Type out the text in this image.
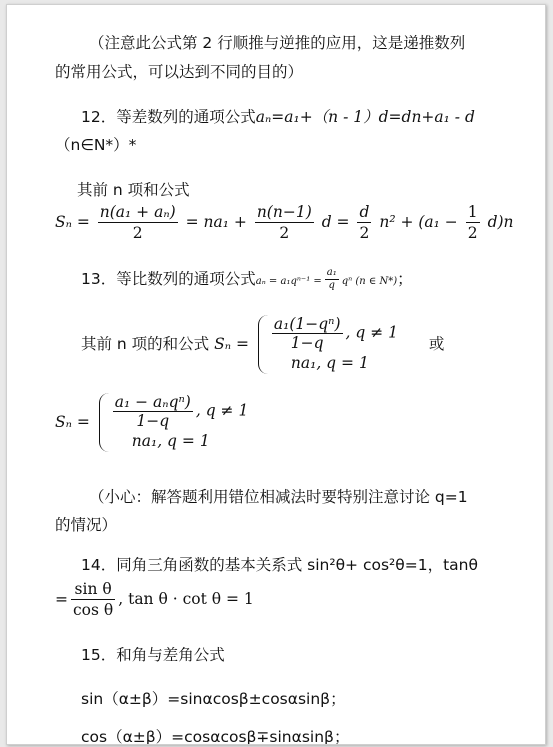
（注意此公式第 2 行顺推与逆推的应用，这是递推数列
的常用公式，可以达到不同的目的）
12．等差数列的通项公式aₙ=a₁+（n - 1）d=dn+a₁ - d
（n∈N*）*
其前 n 项和公式
$S_n = \frac{\text{n(a₁ + aₙ)}}{2} = na_1 + \frac{n(n-1)}{2}$ $d = \frac{d}{2} n^2 + (a_1 - \frac{1}{2} d)n$
13．等比数列的通项公式$a_n = a_1q^{n-1} = \frac{\text{a₁}}{q}$ qⁿ (n ∈ N*)；
其前 n 项的和公式 $S_n = \frac{\text{a₁(1−qⁿ)}}{1-q}$ , q ≠ 1
na₁, q = 1
或
$S_n = \frac{\text{a₁ − aₙqⁿ)}}{1-q}$ , q ≠ 1
na₁, q = 1
（小心：解答题利用错位相减法时要特别注意讨论 q=1
的情况）
14．同角三角函数的基本关系式 sin²θ+ cos²θ=1，tanθ
= $\frac{\text{sin θ}}{\text{cos θ}}$ , tan θ · cot θ = 1
15．和角与差角公式
sin（α±β）=sinαcosβ±cosαsinβ；
cos（α±β）=cosαcosβ∓sinαsinβ；
